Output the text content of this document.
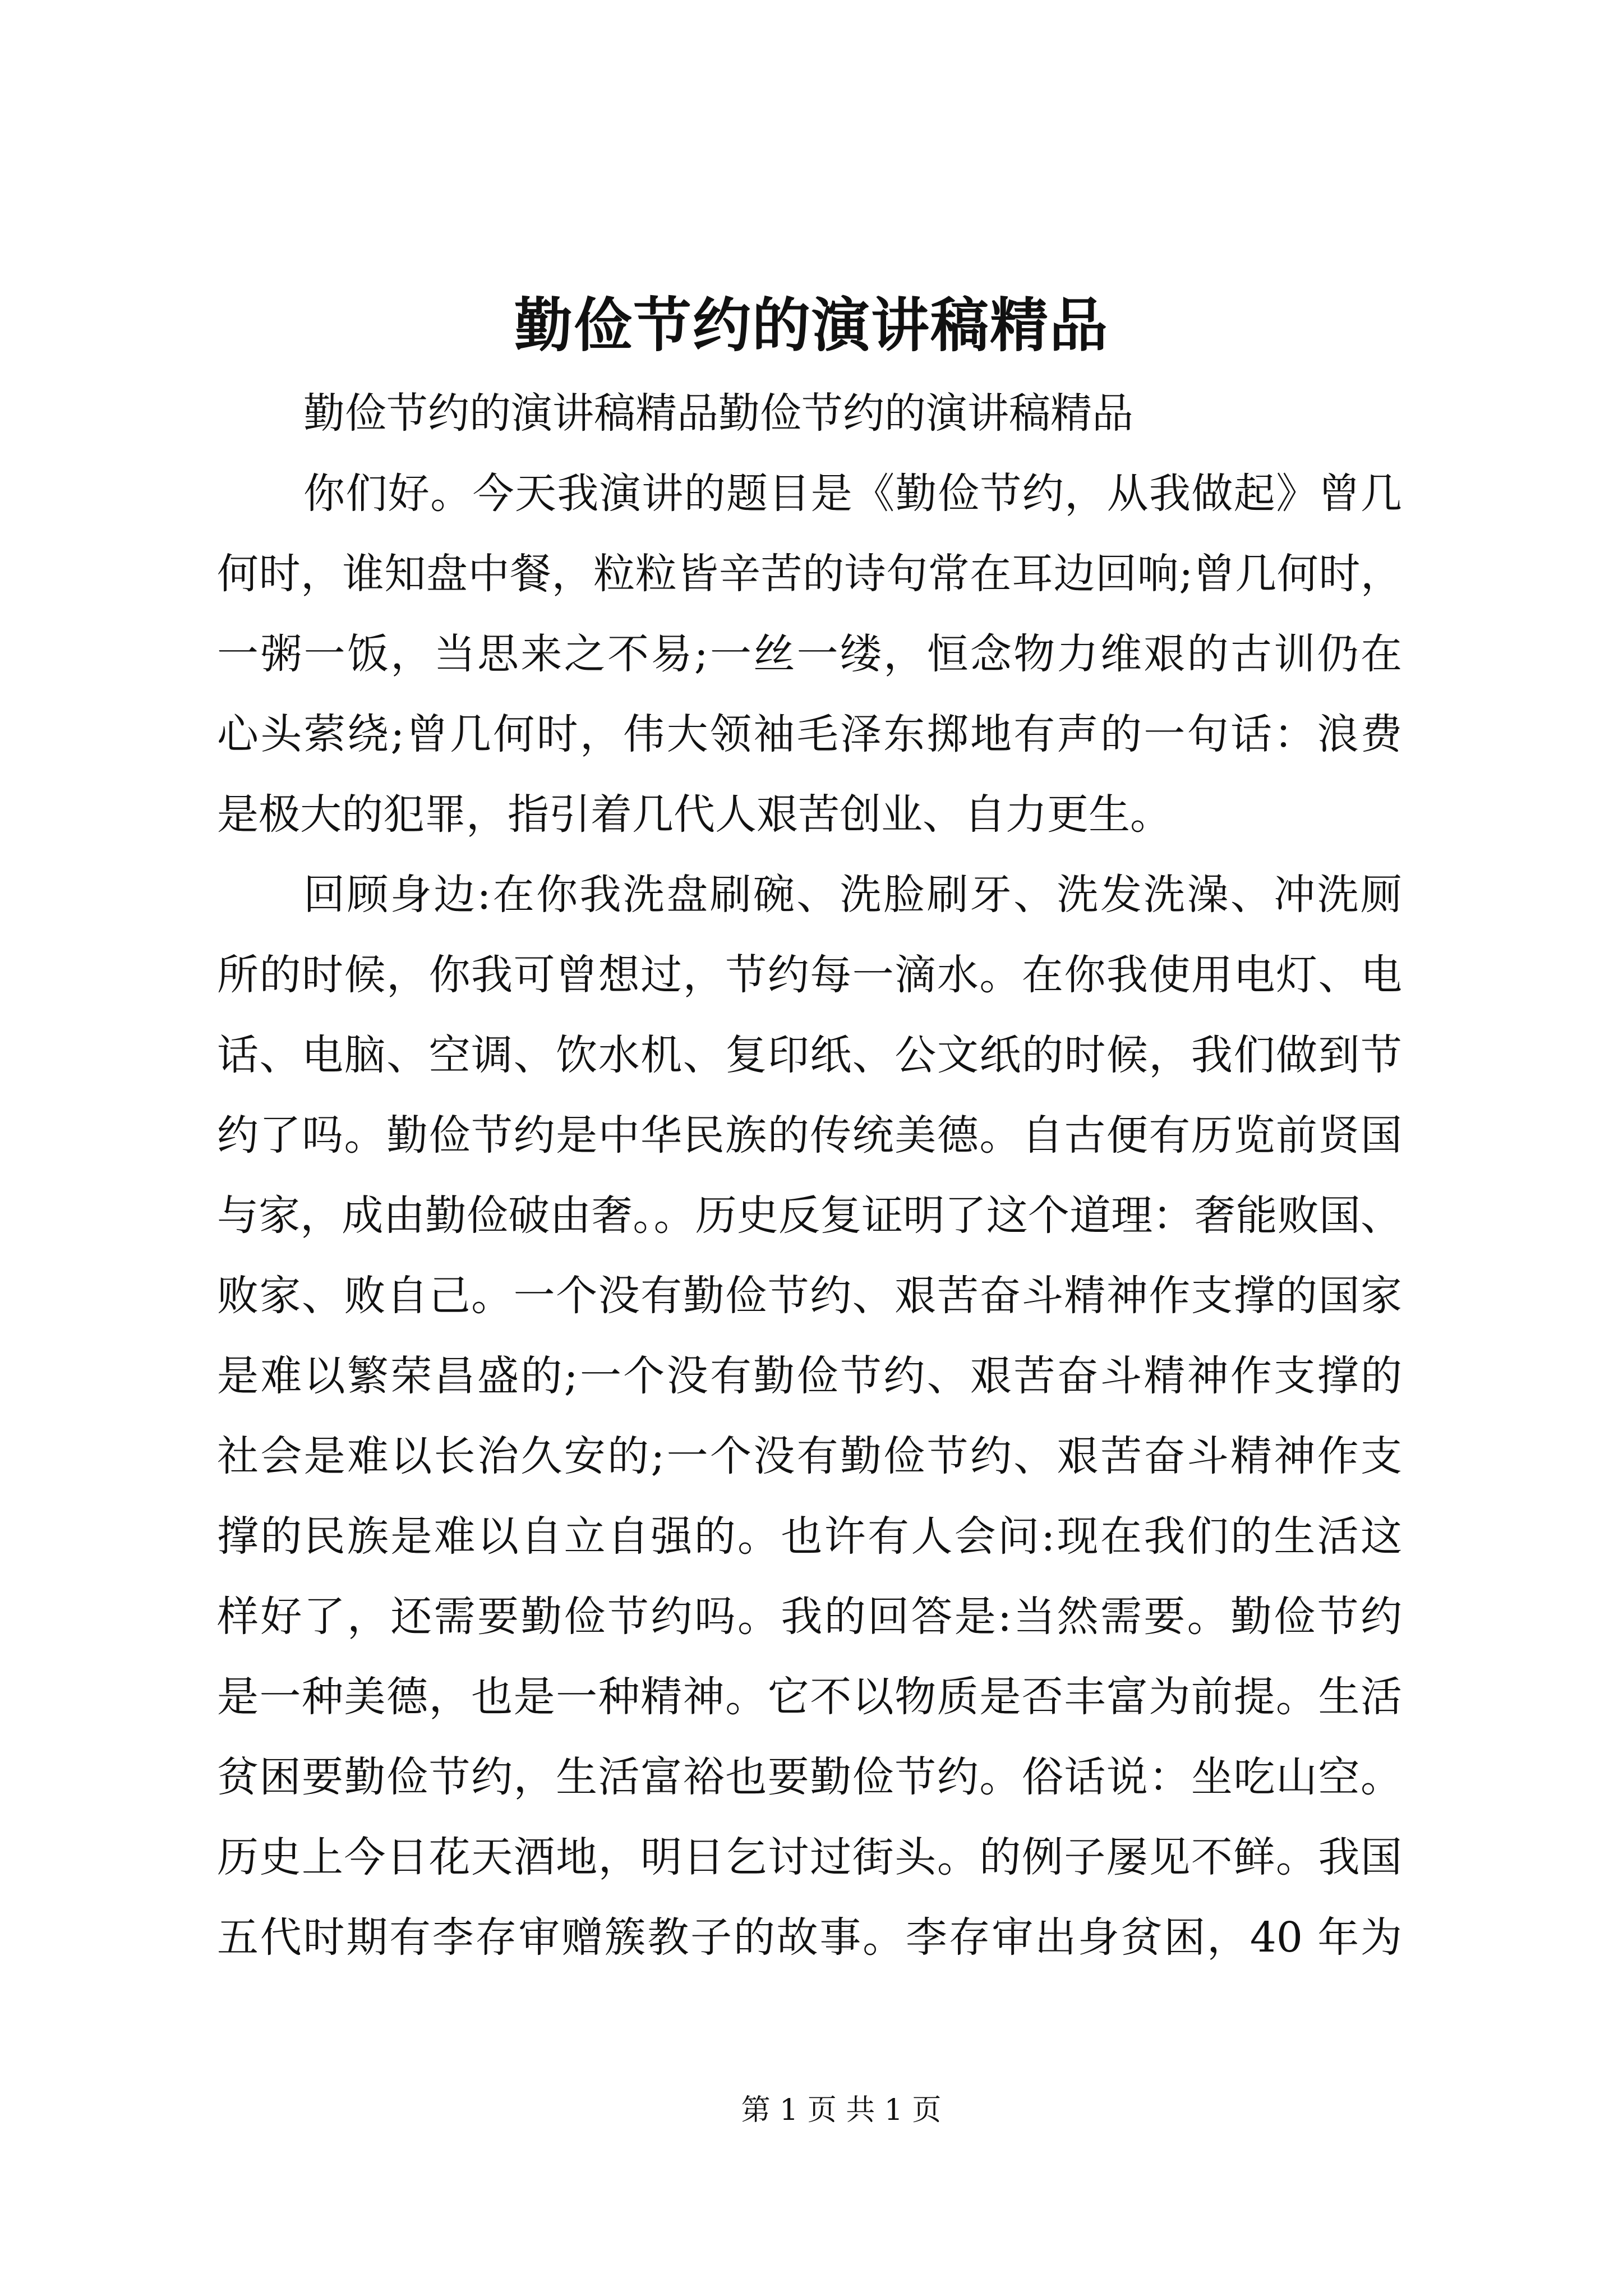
勤俭节约的演讲稿精品
勤俭节约的演讲稿精品勤俭节约的演讲稿精品
你们好。今天我演讲的题目是《勤俭节约，从我做起》曾几
何时，谁知盘中餐，粒粒皆辛苦的诗句常在耳边回响;曾几何时，
一粥一饭，当思来之不易;一丝一缕，恒念物力维艰的古训仍在
心头萦绕;曾几何时，伟大领袖毛泽东掷地有声的一句话：浪费
是极大的犯罪，指引着几代人艰苦创业、自力更生。
回顾身边:在你我洗盘刷碗、洗脸刷牙、洗发洗澡、冲洗厕
所的时候，你我可曾想过，节约每一滴水。在你我使用电灯、电
话、电脑、空调、饮水机、复印纸、公文纸的时候，我们做到节
约了吗。勤俭节约是中华民族的传统美德。自古便有历览前贤国
与家，成由勤俭破由奢。。历史反复证明了这个道理：奢能败国、
败家、败自己。一个没有勤俭节约、艰苦奋斗精神作支撑的国家
是难以繁荣昌盛的;一个没有勤俭节约、艰苦奋斗精神作支撑的
社会是难以长治久安的;一个没有勤俭节约、艰苦奋斗精神作支
撑的民族是难以自立自强的。也许有人会问:现在我们的生活这
样好了，还需要勤俭节约吗。我的回答是:当然需要。勤俭节约
是一种美德，也是一种精神。它不以物质是否丰富为前提。生活
贫困要勤俭节约，生活富裕也要勤俭节约。俗话说：坐吃山空。
历史上今日花天酒地，明日乞讨过街头。的例子屡见不鲜。我国
五代时期有李存审赠簇教子的故事。李存审出身贫困，40 年为
第 1 页 共 1 页
